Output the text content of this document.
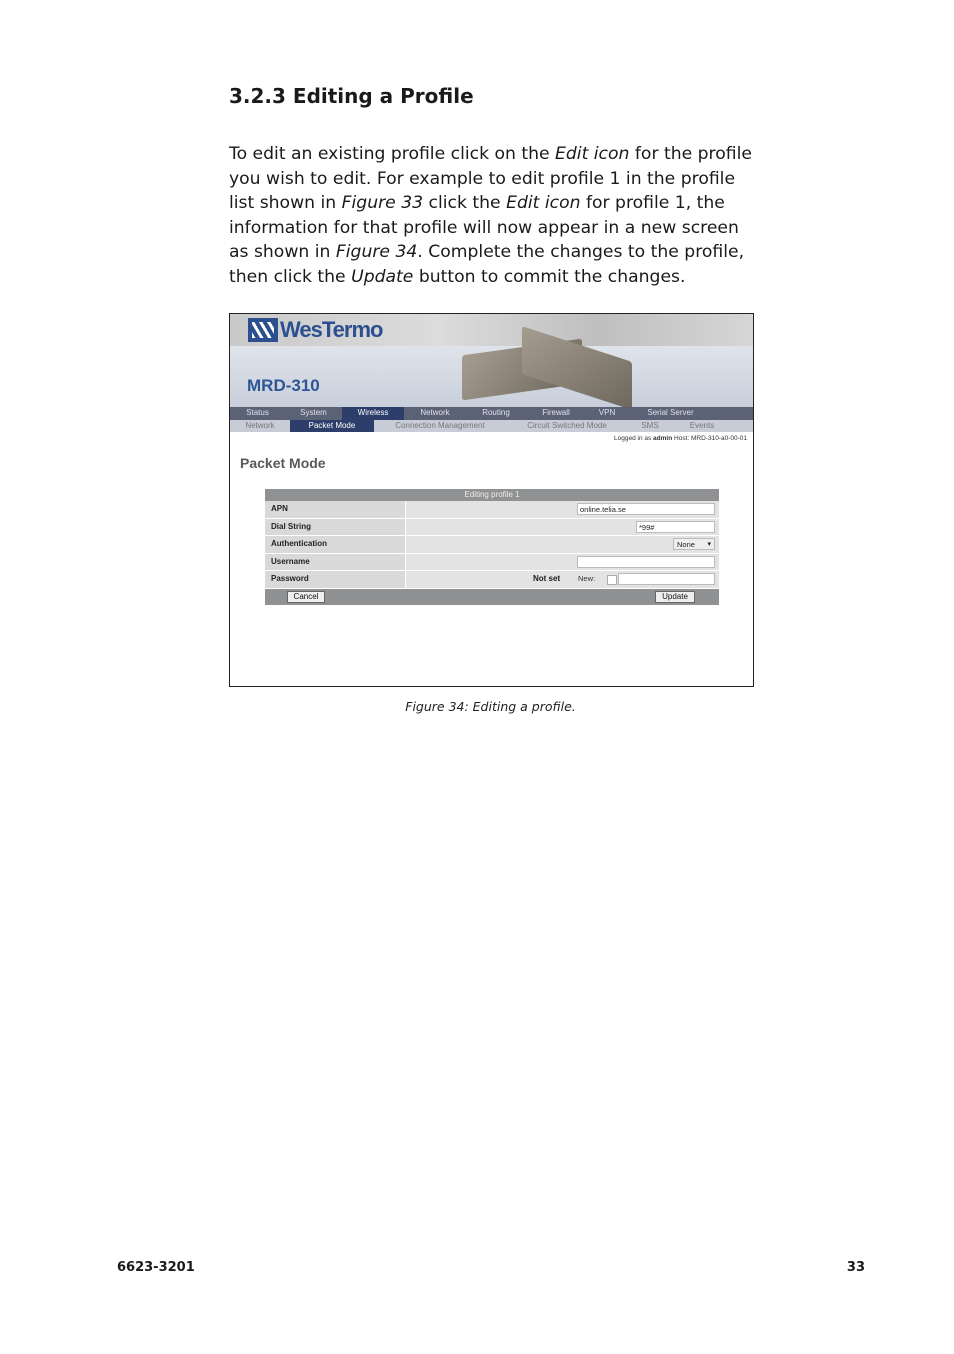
3.2.3 Editing a Profile

To edit an existing profile click on the Edit icon for the profile you wish to edit. For example to edit profile 1 in the profile list shown in Figure 33 click the Edit icon for profile 1, the information for that profile will now appear in a new screen as shown in Figure 34. Complete the changes to the profile, then click the Update button to commit the changes.

WesTermo
MRD-310
Status	System	Wireless	Network	Routing	Firewall	VPN	Serial Server
Network	Packet Mode	Connection Management	Circuit Switched Mode	SMS	Events
Logged in as admin Host: MRD-310-a0-00-01
Packet Mode
Editing profile 1
APN	online.telia.se
Dial String	*99#
Authentication	None ▾
Username
Password	Not set New:
Cancel	Update
Figure 34: Editing a profile.
6623-3201	33
